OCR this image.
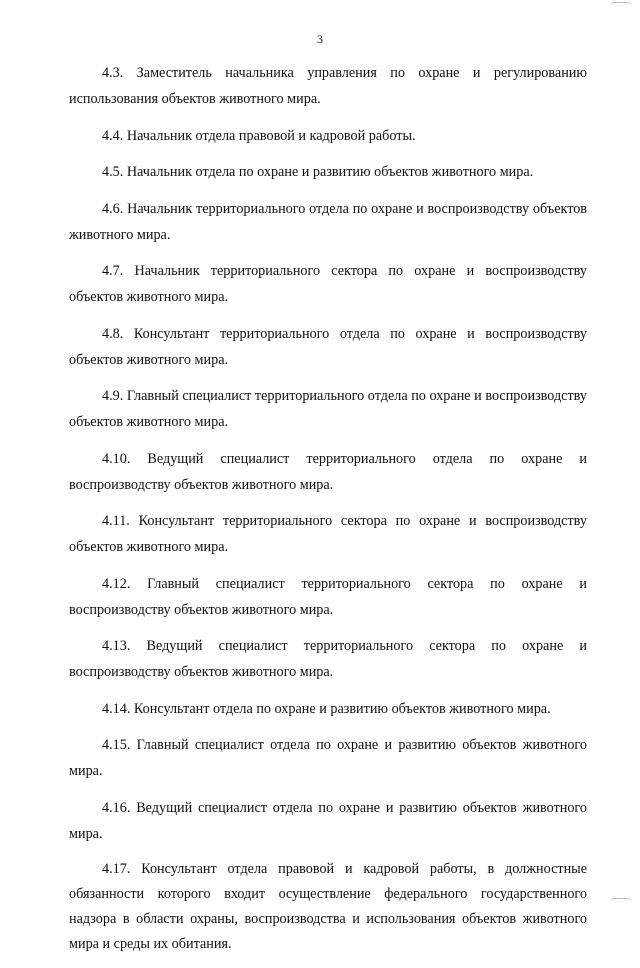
3

4.3. Заместитель начальника управления по охране и регулированию использования объектов животного мира.

4.4. Начальник отдела правовой и кадровой работы.

4.5. Начальник отдела по охране и развитию объектов животного мира.

4.6. Начальник территориального отдела по охране и воспроизводству объектов животного мира.

4.7. Начальник территориального сектора по охране и воспроизводству объектов животного мира.

4.8. Консультант территориального отдела по охране и воспроизводству объектов животного мира.

4.9. Главный специалист территориального отдела по охране и воспроизводству объектов животного мира.

4.10. Ведущий специалист территориального отдела по охране и воспроизводству объектов животного мира.

4.11. Консультант территориального сектора по охране и воспроизводству объектов животного мира.

4.12. Главный специалист территориального сектора по охране и воспроизводству объектов животного мира.

4.13. Ведущий специалист территориального сектора по охране и воспроизводству объектов животного мира.

4.14. Консультант отдела по охране и развитию объектов животного мира.

4.15. Главный специалист отдела по охране и развитию объектов животного мира.

4.16. Ведущий специалист отдела по охране и развитию объектов животного мира.

4.17. Консультант отдела правовой и кадровой работы, в должностные обязанности которого входит осуществление федерального государственного надзора в области охраны, воспроизводства и использования объектов животного мира и среды их обитания.
